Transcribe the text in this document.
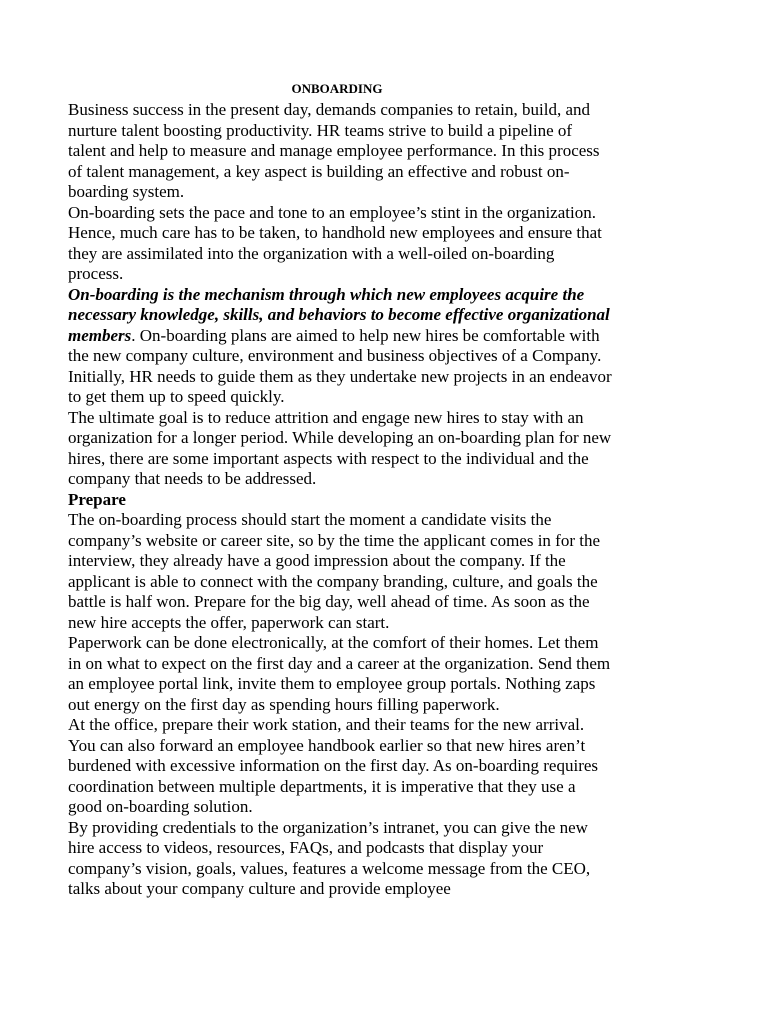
ONBOARDING

Business success in the present day, demands companies to retain, build, and nurture talent boosting productivity. HR teams strive to build a pipeline of talent and help to measure and manage employee performance. In this process of talent management, a key aspect is building an effective and robust on-boarding system.

On-boarding sets the pace and tone to an employee’s stint in the organization. Hence, much care has to be taken, to handhold new employees and ensure that they are assimilated into the organization with a well-oiled on-boarding process.

On-boarding is the mechanism through which new employees acquire the necessary knowledge, skills, and behaviors to become effective organizational members. On-boarding plans are aimed to help new hires be comfortable with the new company culture, environment and business objectives of a Company. Initially, HR needs to guide them as they undertake new projects in an endeavor to get them up to speed quickly.

The ultimate goal is to reduce attrition and engage new hires to stay with an organization for a longer period. While developing an on-boarding plan for new hires, there are some important aspects with respect to the individual and the company that needs to be addressed.

Prepare

The on-boarding process should start the moment a candidate visits the company’s website or career site, so by the time the applicant comes in for the interview, they already have a good impression about the company. If the applicant is able to connect with the company branding, culture, and goals the battle is half won. Prepare for the big day, well ahead of time. As soon as the new hire accepts the offer, paperwork can start.

Paperwork can be done electronically, at the comfort of their homes. Let them in on what to expect on the first day and a career at the organization. Send them an employee portal link, invite them to employee group portals. Nothing zaps out energy on the first day as spending hours filling paperwork.

At the office, prepare their work station, and their teams for the new arrival. You can also forward an employee handbook earlier so that new hires aren’t burdened with excessive information on the first day. As on-boarding requires coordination between multiple departments, it is imperative that they use a good on-boarding solution.

By providing credentials to the organization’s intranet, you can give the new hire access to videos, resources, FAQs, and podcasts that display your company’s vision, goals, values, features a welcome message from the CEO, talks about your company culture and provide employee
